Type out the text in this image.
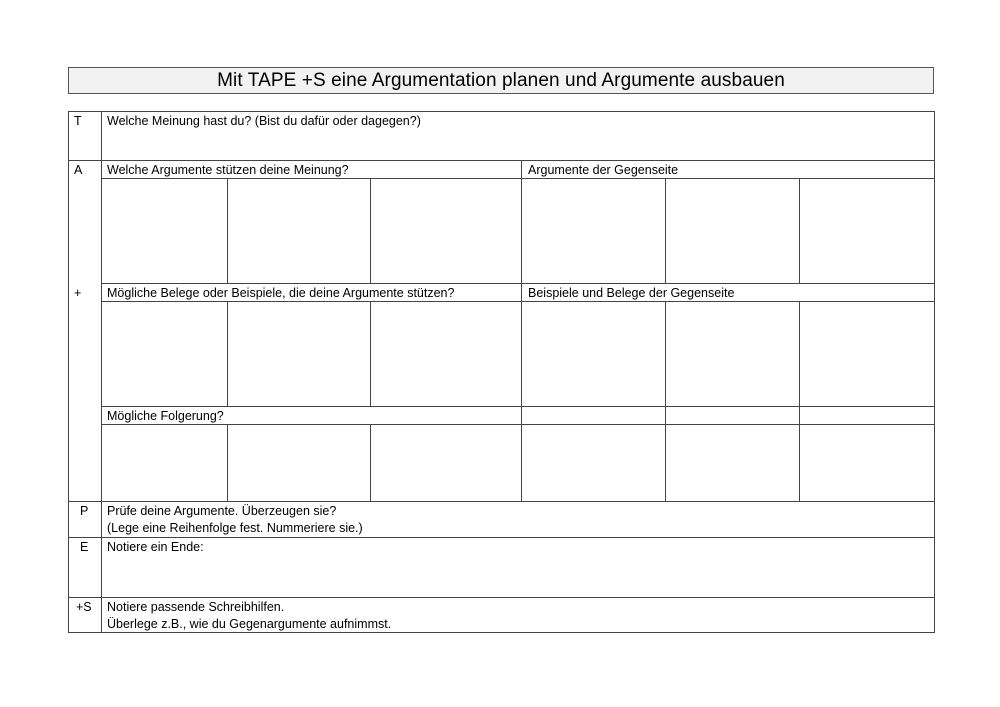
Mit TAPE +S eine Argumentation planen und Argumente ausbauen
T
A
+
P
E
+S
Welche Meinung hast du? (Bist du dafür oder dagegen?)
Welche Argumente stützen deine Meinung?	Argumente der Gegenseite
Mögliche Belege oder Beispiele, die deine Argumente stützen?	Beispiele und Belege der Gegenseite
Mögliche Folgerung?
Prüfe deine Argumente. Überzeugen sie?
(Lege eine Reihenfolge fest. Nummeriere sie.)
Notiere ein Ende:
Notiere passende Schreibhilfen.
Überlege z.B., wie du Gegenargumente aufnimmst.
